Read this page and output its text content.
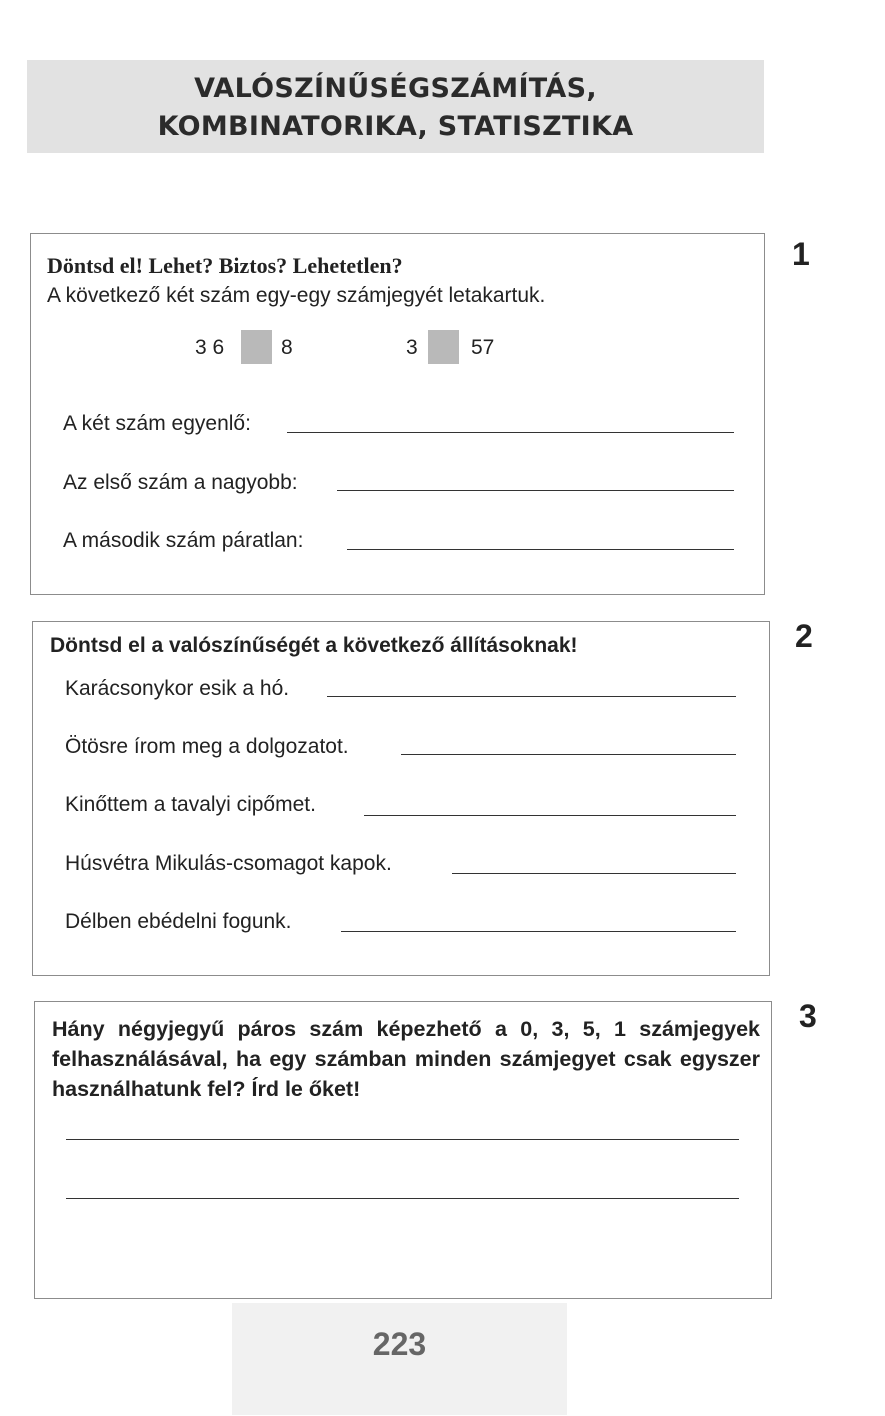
VALÓSZÍNŰSÉGSZÁMÍTÁS,
KOMBINATORIKA, STATISZTIKA
1
Döntsd el! Lehet? Biztos? Lehetetlen?
A következő két szám egy-egy számjegyét letakartuk.
3 6	8	3	57
A két szám egyenlő:
Az első szám a nagyobb:
A második szám páratlan:
2
Döntsd el a valószínűségét a következő állításoknak!
Karácsonykor esik a hó.
Ötösre írom meg a dolgozatot.
Kinőttem a tavalyi cipőmet.
Húsvétra Mikulás-csomagot kapok.
Délben ebédelni fogunk.
3
Hány négyjegyű páros szám képezhető a 0, 3, 5, 1 számjegyek felhasználásával, ha egy számban minden számjegyet csak egyszer használhatunk fel? Írd le őket!
223
